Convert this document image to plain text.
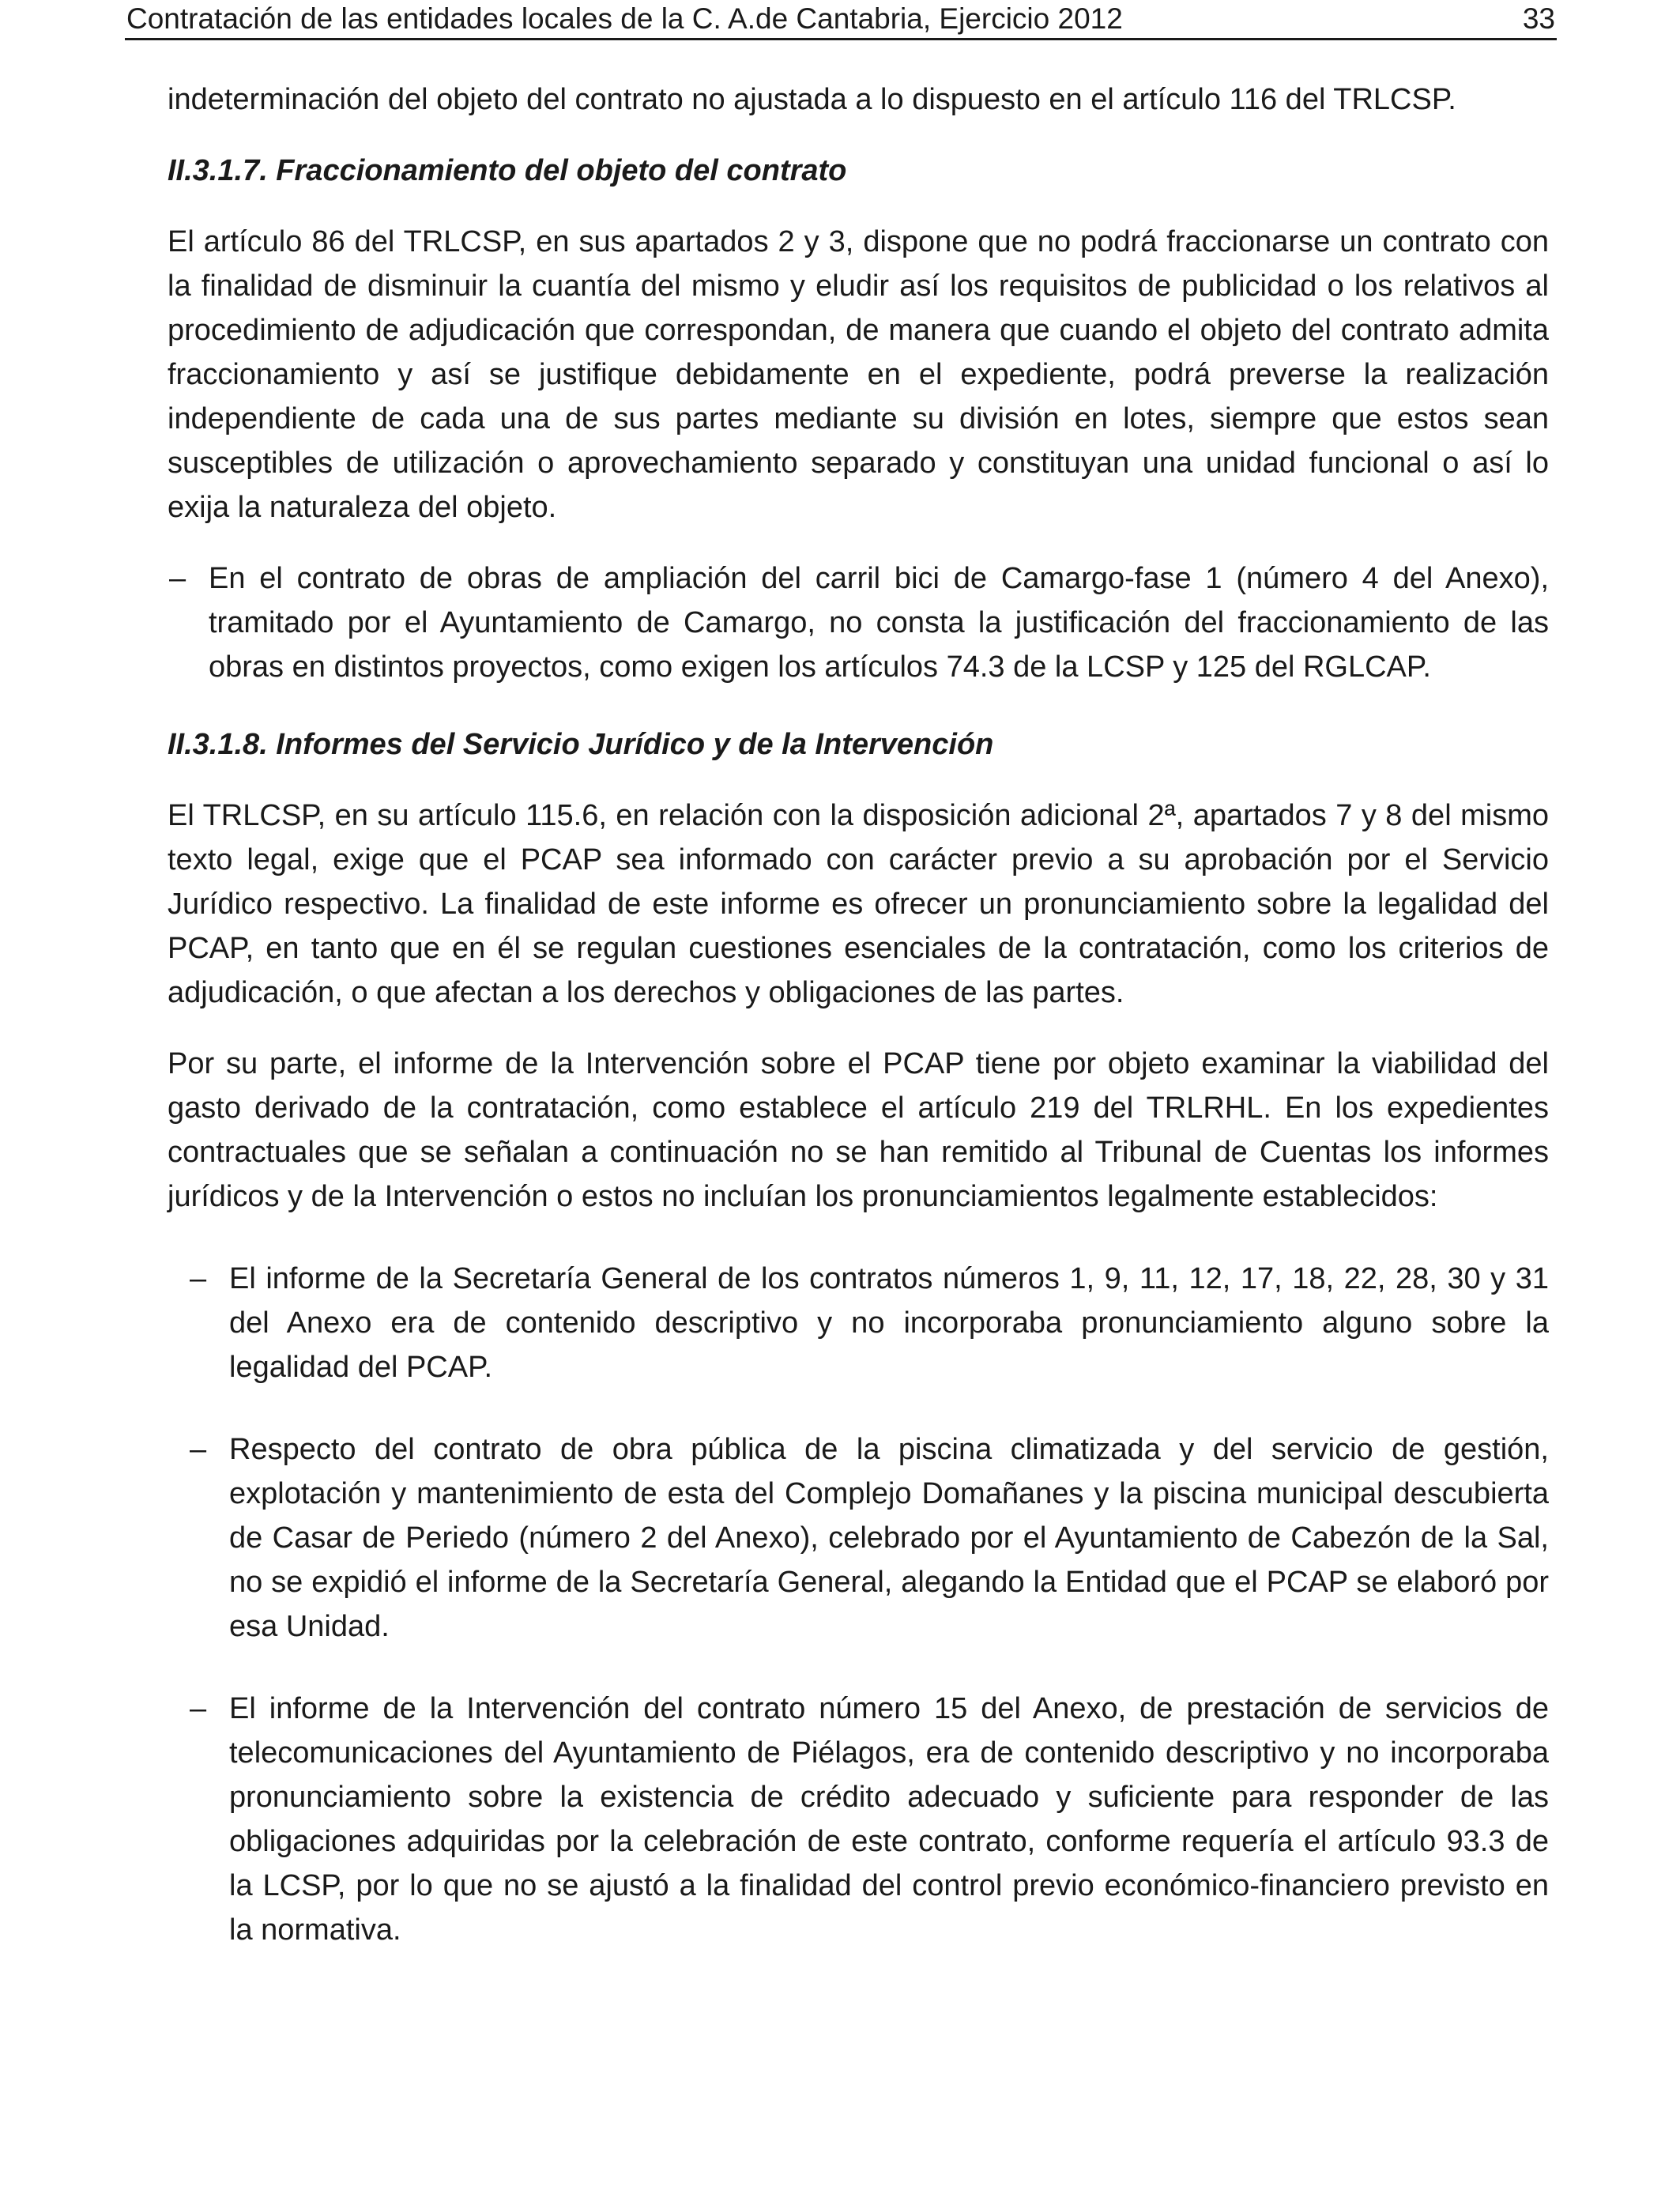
Contratación de las entidades locales de la C. A.de Cantabria, Ejercicio 2012	33

indeterminación del objeto del contrato no ajustada a lo dispuesto en el artículo 116 del TRLCSP.

II.3.1.7. Fraccionamiento del objeto del contrato

El artículo 86 del TRLCSP, en sus apartados 2 y 3, dispone que no podrá fraccionarse un contrato con la finalidad de disminuir la cuantía del mismo y eludir así los requisitos de publicidad o los relativos al procedimiento de adjudicación que correspondan, de manera que cuando el objeto del contrato admita fraccionamiento y así se justifique debidamente en el expediente, podrá preverse la realización independiente de cada una de sus partes mediante su división en lotes, siempre que estos sean susceptibles de utilización o aprovechamiento separado y constituyan una unidad funcional o así lo exija la naturaleza del objeto.

– En el contrato de obras de ampliación del carril bici de Camargo-fase 1 (número 4 del Anexo), tramitado por el Ayuntamiento de Camargo, no consta la justificación del fraccionamiento de las obras en distintos proyectos, como exigen los artículos 74.3 de la LCSP y 125 del RGLCAP.

II.3.1.8. Informes del Servicio Jurídico y de la Intervención

El TRLCSP, en su artículo 115.6, en relación con la disposición adicional 2ª, apartados 7 y 8 del mismo texto legal, exige que el PCAP sea informado con carácter previo a su aprobación por el Servicio Jurídico respectivo. La finalidad de este informe es ofrecer un pronunciamiento sobre la legalidad del PCAP, en tanto que en él se regulan cuestiones esenciales de la contratación, como los criterios de adjudicación, o que afectan a los derechos y obligaciones de las partes.

Por su parte, el informe de la Intervención sobre el PCAP tiene por objeto examinar la viabilidad del gasto derivado de la contratación, como establece el artículo 219 del TRLRHL. En los expedientes contractuales que se señalan a continuación no se han remitido al Tribunal de Cuentas los informes jurídicos y de la Intervención o estos no incluían los pronunciamientos legalmente establecidos:

– El informe de la Secretaría General de los contratos números 1, 9, 11, 12, 17, 18, 22, 28, 30 y 31 del Anexo era de contenido descriptivo y no incorporaba pronunciamiento alguno sobre la legalidad del PCAP.
– Respecto del contrato de obra pública de la piscina climatizada y del servicio de gestión, explotación y mantenimiento de esta del Complejo Domañanes y la piscina municipal descubierta de Casar de Periedo (número 2 del Anexo), celebrado por el Ayuntamiento de Cabezón de la Sal, no se expidió el informe de la Secretaría General, alegando la Entidad que el PCAP se elaboró por esa Unidad.
– El informe de la Intervención del contrato número 15 del Anexo, de prestación de servicios de telecomunicaciones del Ayuntamiento de Piélagos, era de contenido descriptivo y no incorporaba pronunciamiento sobre la existencia de crédito adecuado y suficiente para responder de las obligaciones adquiridas por la celebración de este contrato, conforme requería el artículo 93.3 de la LCSP, por lo que no se ajustó a la finalidad del control previo económico-financiero previsto en la normativa.
